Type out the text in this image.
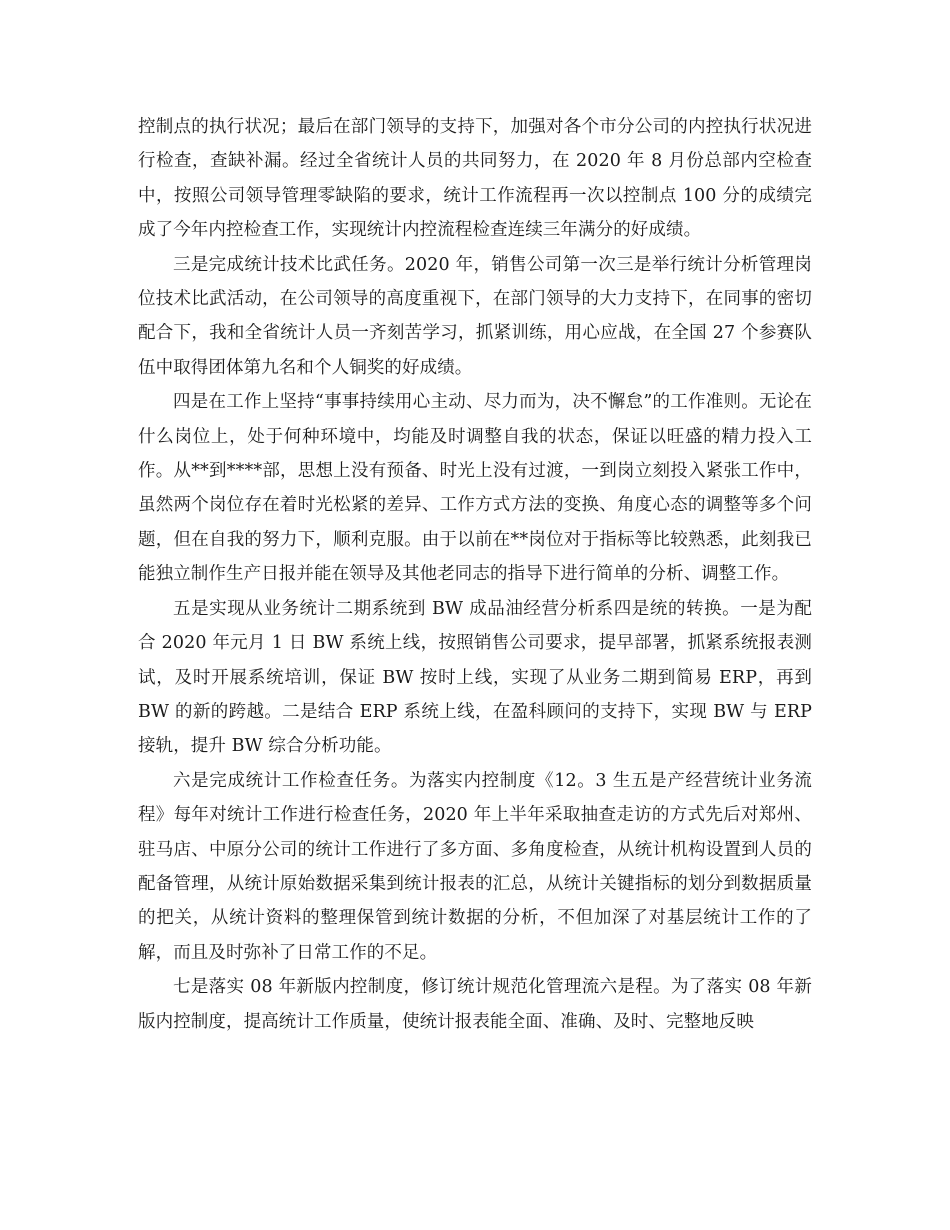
控制点的执行状况；最后在部门领导的支持下，加强对各个市分公司的内控执行状况进行检查，查缺补漏。经过全省统计人员的共同努力，在 2020 年 8 月份总部内空检查中，按照公司领导管理零缺陷的要求，统计工作流程再一次以控制点 100 分的成绩完成了今年内控检查工作，实现统计内控流程检查连续三年满分的好成绩。

三是完成统计技术比武任务。2020 年，销售公司第一次三是举行统计分析管理岗位技术比武活动，在公司领导的高度重视下，在部门领导的大力支持下，在同事的密切配合下，我和全省统计人员一齐刻苦学习，抓紧训练，用心应战，在全国 27 个参赛队伍中取得团体第九名和个人铜奖的好成绩。

四是在工作上坚持“事事持续用心主动、尽力而为，决不懈怠”的工作准则。无论在什么岗位上，处于何种环境中，均能及时调整自我的状态，保证以旺盛的精力投入工作。从**到****部，思想上没有预备、时光上没有过渡，一到岗立刻投入紧张工作中，虽然两个岗位存在着时光松紧的差异、工作方式方法的变换、角度心态的调整等多个问题，但在自我的努力下，顺利克服。由于以前在**岗位对于指标等比较熟悉，此刻我已能独立制作生产日报并能在领导及其他老同志的指导下进行简单的分析、调整工作。

五是实现从业务统计二期系统到 BW 成品油经营分析系四是统的转换。一是为配合 2020 年元月 1 日 BW 系统上线，按照销售公司要求，提早部署，抓紧系统报表测试，及时开展系统培训，保证 BW 按时上线，实现了从业务二期到简易 ERP，再到 BW 的新的跨越。二是结合 ERP 系统上线，在盈科顾问的支持下，实现 BW 与 ERP 接轨，提升 BW 综合分析功能。

六是完成统计工作检查任务。为落实内控制度《12。3 生五是产经营统计业务流程》每年对统计工作进行检查任务，2020 年上半年采取抽查走访的方式先后对郑州、驻马店、中原分公司的统计工作进行了多方面、多角度检查，从统计机构设置到人员的配备管理，从统计原始数据采集到统计报表的汇总，从统计关键指标的划分到数据质量的把关，从统计资料的整理保管到统计数据的分析，不但加深了对基层统计工作的了解，而且及时弥补了日常工作的不足。

七是落实 08 年新版内控制度，修订统计规范化管理流六是程。为了落实 08 年新版内控制度，提高统计工作质量，使统计报表能全面、准确、及时、完整地反映
